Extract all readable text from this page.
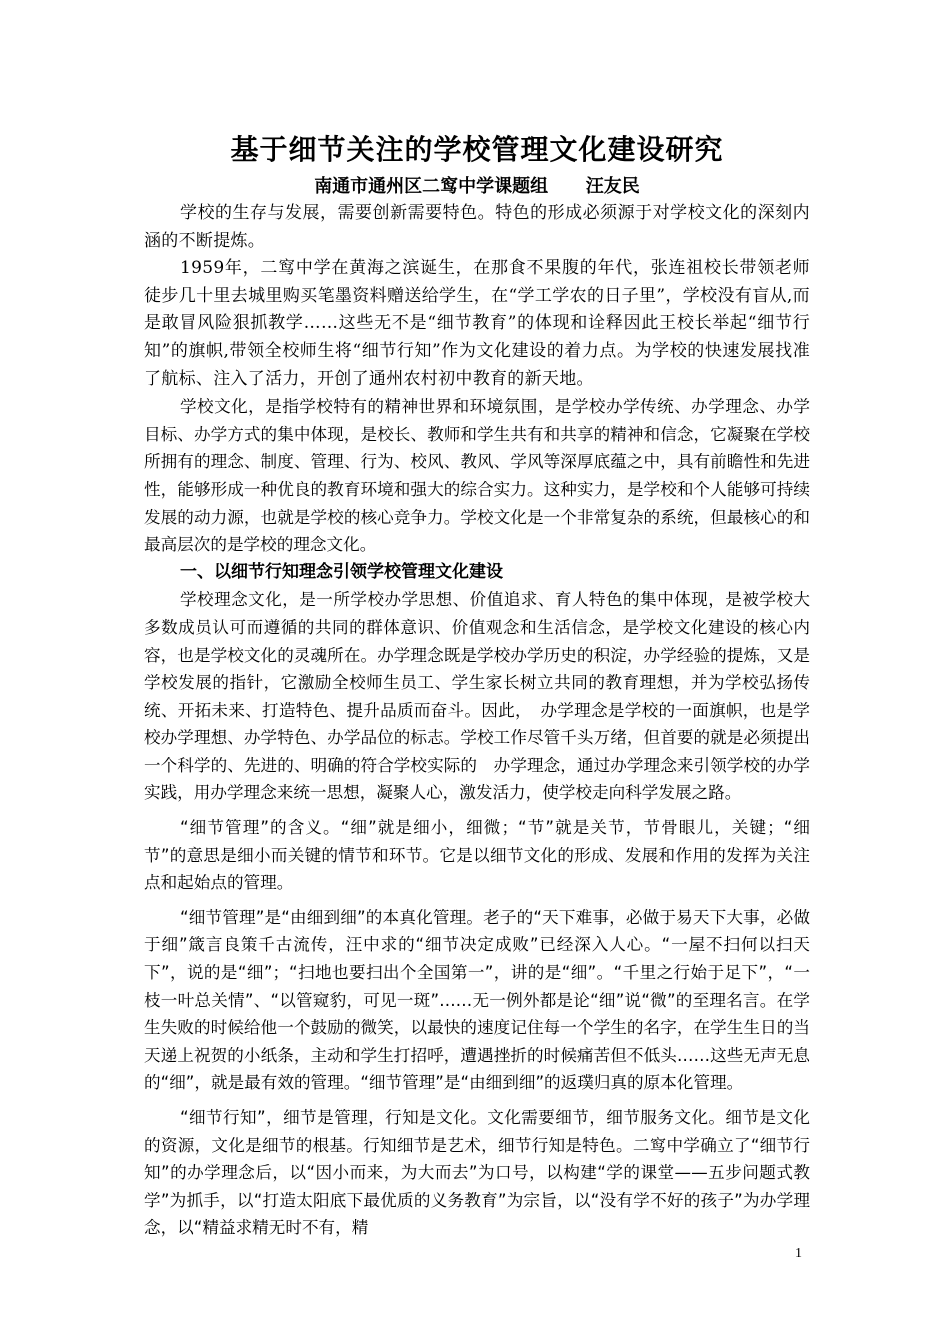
基于细节关注的学校管理文化建设研究

南通市通州区二窎中学课题组      汪友民

学校的生存与发展，需要创新需要特色。特色的形成必须源于对学校文化的深刻内涵的不断提炼。

1959年，二窎中学在黄海之滨诞生，在那食不果腹的年代，张连祖校长带领老师徒步几十里去城里购买笔墨资料赠送给学生，在“学工学农的日子里”，学校没有盲从,而是敢冒风险狠抓教学……这些无不是“细节教育”的体现和诠释因此王校长举起“细节行知”的旗帜,带领全校师生将“细节行知”作为文化建设的着力点。为学校的快速发展找准了航标、注入了活力，开创了通州农村初中教育的新天地。

学校文化，是指学校特有的精神世界和环境氛围，是学校办学传统、办学理念、办学目标、办学方式的集中体现，是校长、教师和学生共有和共享的精神和信念，它凝聚在学校所拥有的理念、制度、管理、行为、校风、教风、学风等深厚底蕴之中，具有前瞻性和先进性，能够形成一种优良的教育环境和强大的综合实力。这种实力，是学校和个人能够可持续发展的动力源，也就是学校的核心竞争力。学校文化是一个非常复杂的系统，但最核心的和最高层次的是学校的理念文化。

一、以细节行知理念引领学校管理文化建设

学校理念文化，是一所学校办学思想、价值追求、育人特色的集中体现，是被学校大多数成员认可而遵循的共同的群体意识、价值观念和生活信念，是学校文化建设的核心内容，也是学校文化的灵魂所在。办学理念既是学校办学历史的积淀，办学经验的提炼，又是学校发展的指针，它激励全校师生员工、学生家长树立共同的教育理想，并为学校弘扬传统、开拓未来、打造特色、提升品质而奋斗。因此，　办学理念是学校的一面旗帜，也是学校办学理想、办学特色、办学品位的标志。学校工作尽管千头万绪，但首要的就是必须提出一个科学的、先进的、明确的符合学校实际的　办学理念，通过办学理念来引领学校的办学实践，用办学理念来统一思想，凝聚人心，激发活力，使学校走向科学发展之路。

“细节管理”的含义。“细”就是细小，细微；“节”就是关节，节骨眼儿，关键；“细节”的意思是细小而关键的情节和环节。它是以细节文化的形成、发展和作用的发挥为关注点和起始点的管理。

“细节管理”是“由细到细”的本真化管理。老子的“天下难事，必做于易天下大事，必做于细”箴言良策千古流传，汪中求的“细节决定成败”已经深入人心。“一屋不扫何以扫天下”，说的是“细”；“扫地也要扫出个全国第一”，讲的是“细”。“千里之行始于足下”，“一枝一叶总关情”、“以管窥豹，可见一斑”……无一例外都是论“细”说“微”的至理名言。在学生失败的时候给他一个鼓励的微笑，以最快的速度记住每一个学生的名字，在学生生日的当天递上祝贺的小纸条，主动和学生打招呼，遭遇挫折的时候痛苦但不低头……这些无声无息的“细”，就是最有效的管理。“细节管理”是“由细到细”的返璞归真的原本化管理。

“细节行知”，细节是管理，行知是文化。文化需要细节，细节服务文化。细节是文化的资源，文化是细节的根基。行知细节是艺术，细节行知是特色。二窎中学确立了“细节行知”的办学理念后，以“因小而来，为大而去”为口号，以构建“学的课堂——五步问题式教学”为抓手，以“打造太阳底下最优质的义务教育”为宗旨，以“没有学不好的孩子”为办学理念，以“精益求精无时不有，精

1
